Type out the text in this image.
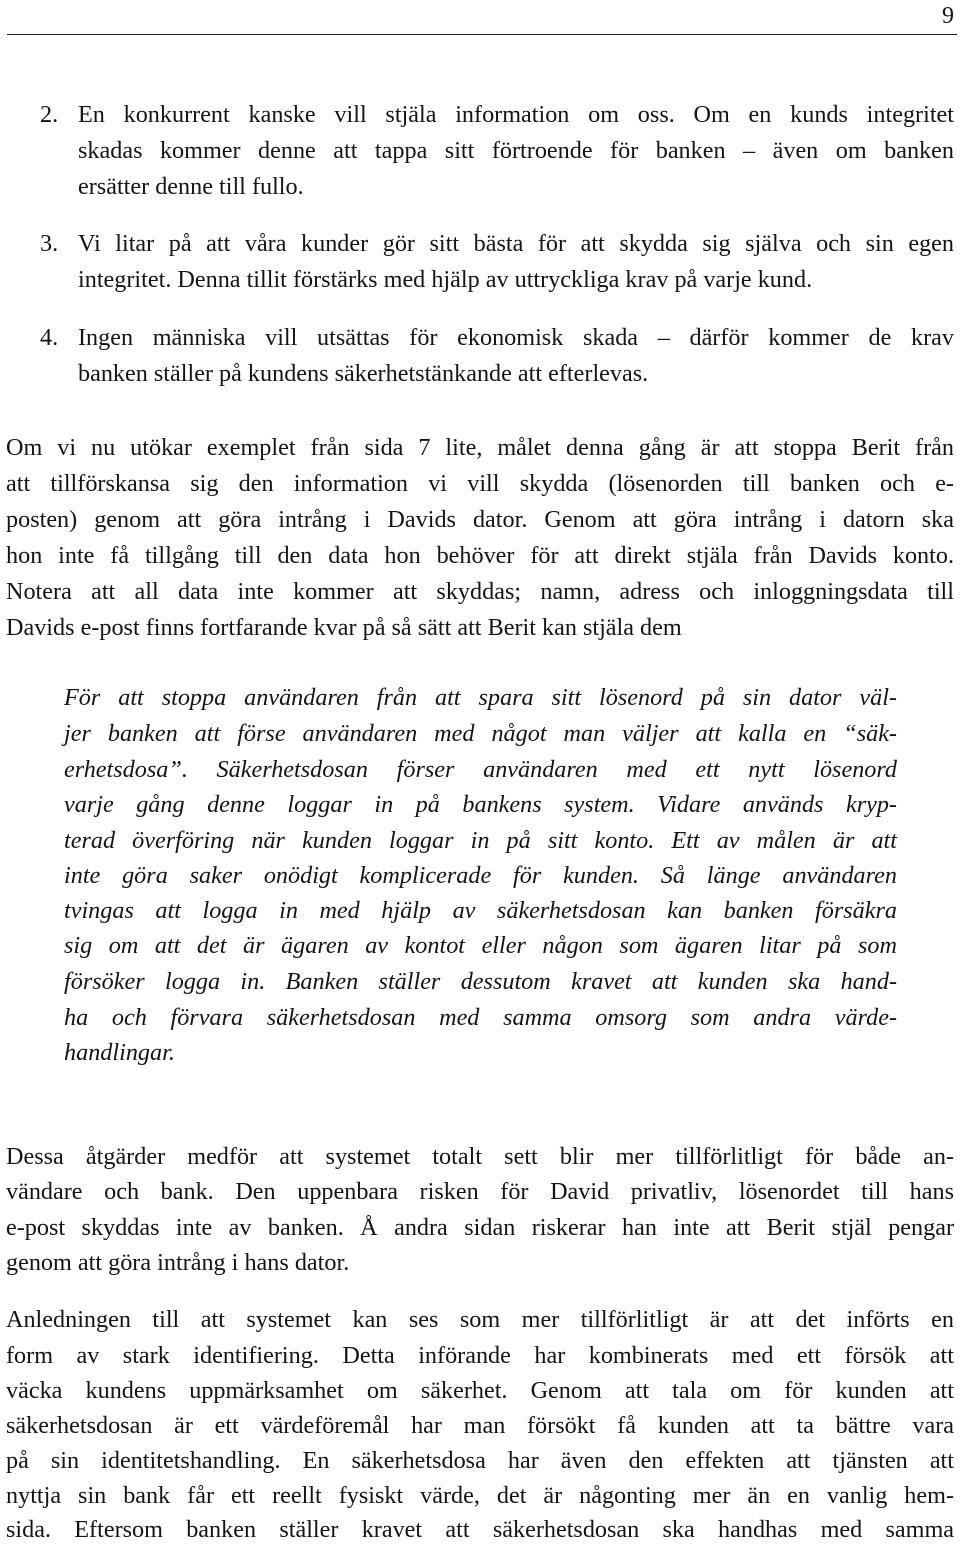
9
2. En konkurrent kanske vill stjäla information om oss. Om en kunds integritet
skadas kommer denne att tappa sitt förtroende för banken – även om banken
ersätter denne till fullo.
3. Vi litar på att våra kunder gör sitt bästa för att skydda sig själva och sin egen
integritet. Denna tillit förstärks med hjälp av uttryckliga krav på varje kund.
4. Ingen människa vill utsättas för ekonomisk skada – därför kommer de krav
banken ställer på kundens säkerhetstänkande att efterlevas.
Om vi nu utökar exemplet från sida 7 lite, målet denna gång är att stoppa Berit från
att tillförskansa sig den information vi vill skydda (lösenorden till banken och e-
posten) genom att göra intrång i Davids dator. Genom att göra intrång i datorn ska
hon inte få tillgång till den data hon behöver för att direkt stjäla från Davids konto.
Notera att all data inte kommer att skyddas; namn, adress och inloggningsdata till
Davids e-post finns fortfarande kvar på så sätt att Berit kan stjäla dem
För att stoppa användaren från att spara sitt lösenord på sin dator väl-
jer banken att förse användaren med något man väljer att kalla en “säk-
erhetsdosa”. Säkerhetsdosan förser användaren med ett nytt lösenord
varje gång denne loggar in på bankens system. Vidare används kryp-
terad överföring när kunden loggar in på sitt konto. Ett av målen är att
inte göra saker onödigt komplicerade för kunden. Så länge användaren
tvingas att logga in med hjälp av säkerhetsdosan kan banken försäkra
sig om att det är ägaren av kontot eller någon som ägaren litar på som
försöker logga in. Banken ställer dessutom kravet att kunden ska hand-
ha och förvara säkerhetsdosan med samma omsorg som andra värde-
handlingar.
Dessa åtgärder medför att systemet totalt sett blir mer tillförlitligt för både an-
vändare och bank. Den uppenbara risken för David privatliv, lösenordet till hans
e-post skyddas inte av banken. Å andra sidan riskerar han inte att Berit stjäl pengar
genom att göra intrång i hans dator.
Anledningen till att systemet kan ses som mer tillförlitligt är att det införts en
form av stark identifiering. Detta införande har kombinerats med ett försök att
väcka kundens uppmärksamhet om säkerhet. Genom att tala om för kunden att
säkerhetsdosan är ett värdeföremål har man försökt få kunden att ta bättre vara
på sin identitetshandling. En säkerhetsdosa har även den effekten att tjänsten att
nyttja sin bank får ett reellt fysiskt värde, det är någonting mer än en vanlig hem-
sida. Eftersom banken ställer kravet att säkerhetsdosan ska handhas med samma
